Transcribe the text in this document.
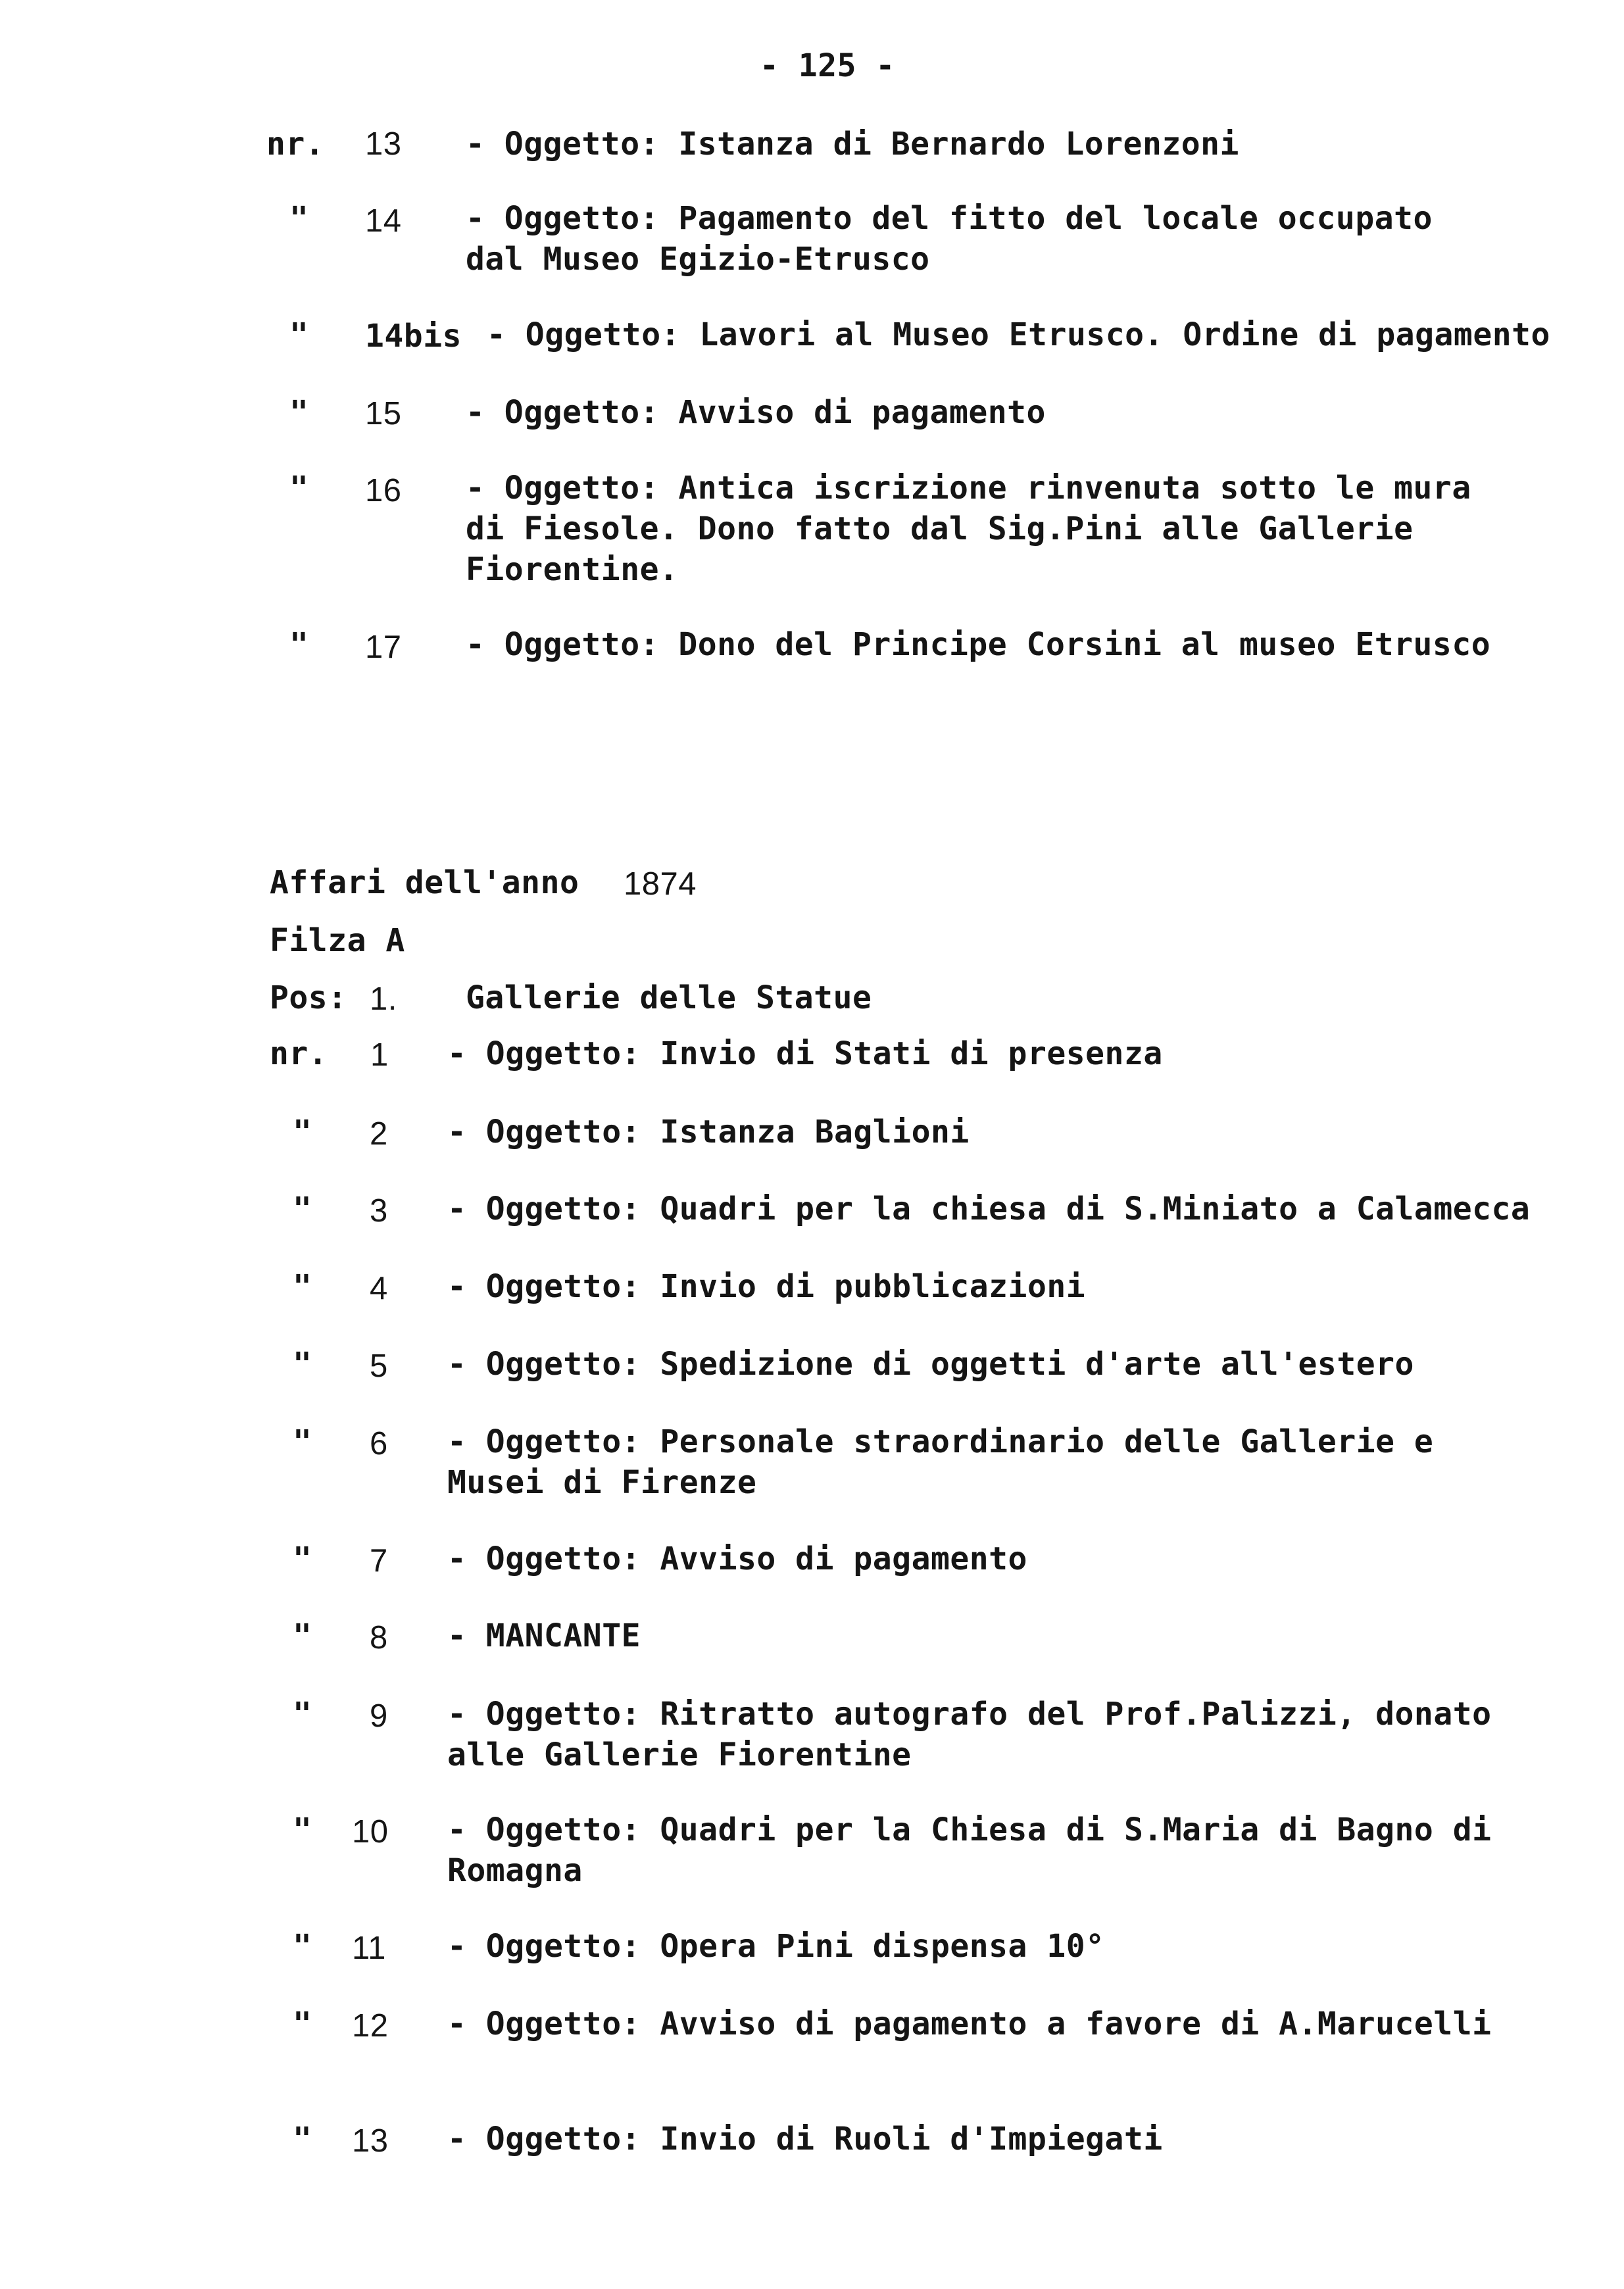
- 125 -
nr. 13 - Oggetto: Istanza di Bernardo Lorenzoni
" 14 - Oggetto: Pagamento del fitto del locale occupato
dal Museo Egizio-Etrusco
" 14bis - Oggetto: Lavori al Museo Etrusco. Ordine di pagamento
" 15 - Oggetto: Avviso di pagamento
" 16 - Oggetto: Antica iscrizione rinvenuta sotto le mura
di Fiesole. Dono fatto dal Sig.Pini alle Gallerie
Fiorentine.
" 17 - Oggetto: Dono del Principe Corsini al museo Etrusco
Affari dell'anno 1874
Filza A
Pos: 1. Gallerie delle Statue
nr. 1 - Oggetto: Invio di Stati di presenza
" 2 - Oggetto: Istanza Baglioni
" 3 - Oggetto: Quadri per la chiesa di S.Miniato a Calamecca
" 4 - Oggetto: Invio di pubblicazioni
" 5 - Oggetto: Spedizione di oggetti d'arte all'estero
" 6 - Oggetto: Personale straordinario delle Gallerie e
Musei di Firenze
" 7 - Oggetto: Avviso di pagamento
" 8 - MANCANTE
" 9 - Oggetto: Ritratto autografo del Prof.Palizzi, donato
alle Gallerie Fiorentine
" 10 - Oggetto: Quadri per la Chiesa di S.Maria di Bagno di
Romagna
" 11 - Oggetto: Opera Pini dispensa 10°
" 12 - Oggetto: Avviso di pagamento a favore di A.Marucelli
" 13 - Oggetto: Invio di Ruoli d'Impiegati
